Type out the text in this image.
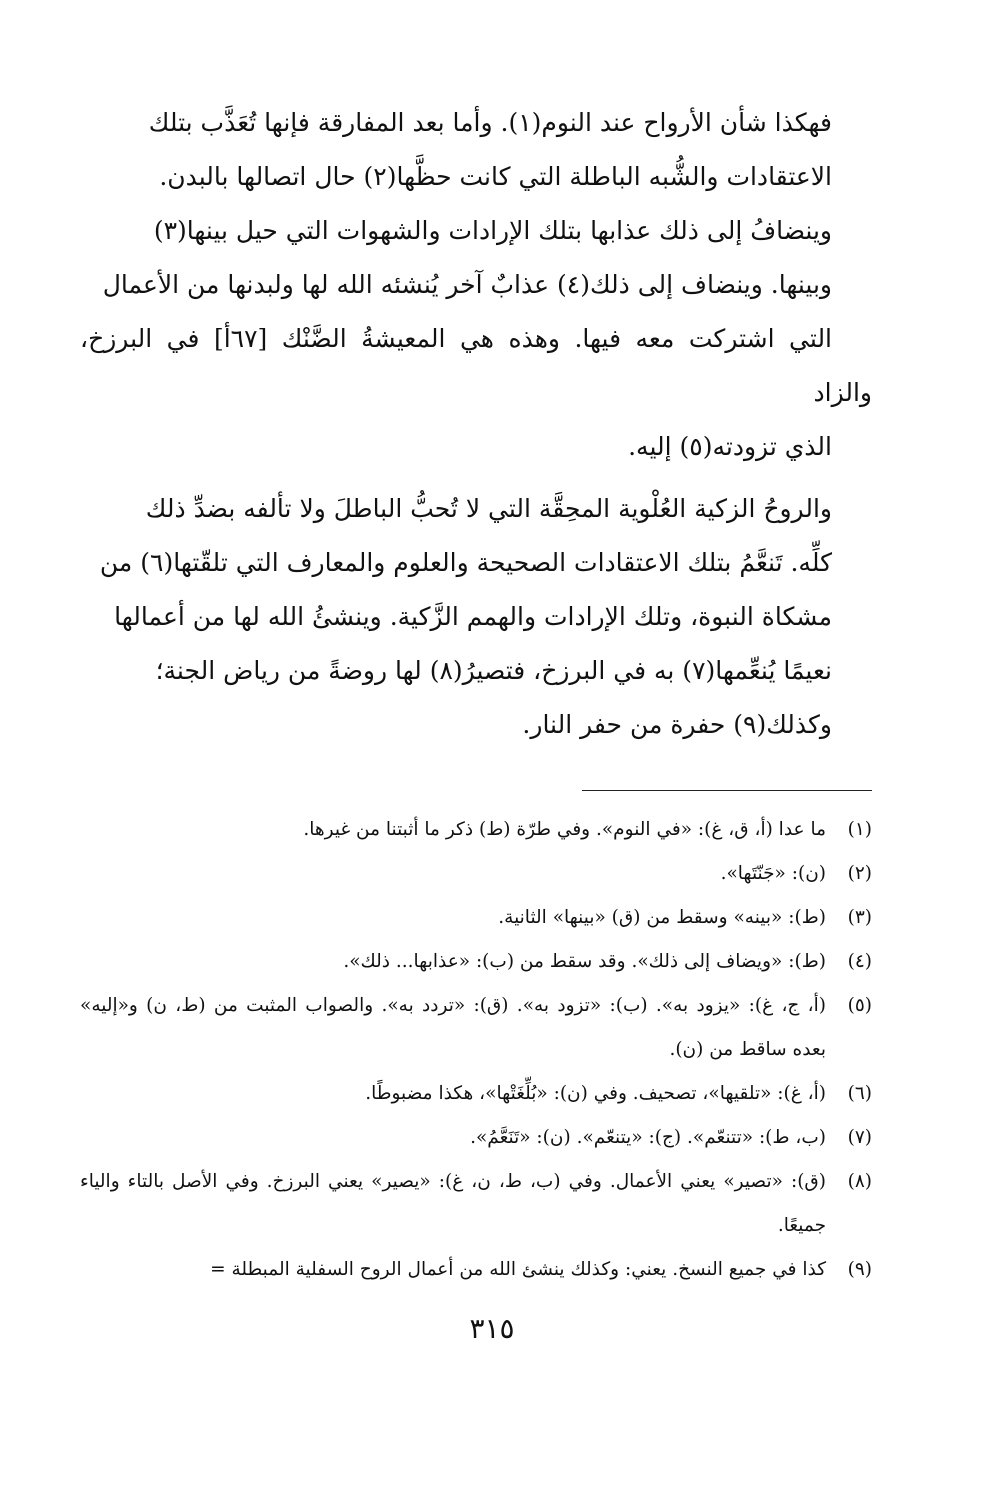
فهكذا شأن الأرواح عند النوم(١). وأما بعد المفارقة فإنها تُعَذَّب بتلك
الاعتقادات والشُّبه الباطلة التي كانت حظَّها(٢) حال اتصالها بالبدن.
وينضافُ إلى ذلك عذابها بتلك الإرادات والشهوات التي حيل بينها(٣)
وبينها. وينضاف إلى ذلك(٤) عذابٌ آخر يُنشئه الله لها ولبدنها من الأعمال
التي اشتركت معه فيها. وهذه هي المعيشةُ الضَّنْك [٦٧أ] في البرزخ، والزاد
الذي تزودته(٥) إليه.

والروحُ الزكية العُلْوية المحِقَّة التي لا تُحبُّ الباطلَ ولا تألفه بضدِّ ذلك
كلِّه. تَنعَّمُ بتلك الاعتقادات الصحيحة والعلوم والمعارف التي تلقّتها(٦) من
مشكاة النبوة، وتلك الإرادات والهمم الزَّكية. وينشئُ الله لها من أعمالها
نعيمًا يُنعِّمها(٧) به في البرزخ، فتصيرُ(٨) لها روضةً من رياض الجنة؛
وكذلك(٩) حفرة من حفر النار.

(١)
ما عدا (أ، ق، غ): «في النوم». وفي طرّة (ط) ذكر ما أثبتنا من غيرها.

(٢)
(ن): «جَنّتَها».

(٣)
(ط): «بينه» وسقط من (ق) «بينها» الثانية.

(٤)
(ط): «ويضاف إلى ذلك». وقد سقط من (ب): «عذابها... ذلك».

(٥)
(أ، ج، غ): «يزود به». (ب): «تزود به». (ق): «تردد به». والصواب المثبت من (ط، ن) و«إليه» بعده ساقط من (ن).

(٦)
(أ، غ): «تلقيها»، تصحيف. وفي (ن): «بُلِّغَتْها»، هكذا مضبوطًا.

(٧)
(ب، ط): «تتنعّم». (ج): «يتنعّم». (ن): «تَنَعَّمُ».

(٨)
(ق): «تصير» يعني الأعمال. وفي (ب، ط، ن، غ): «يصير» يعني البرزخ. وفي الأصل بالتاء والياء جميعًا.

(٩)
كذا في جميع النسخ. يعني: وكذلك ينشئ الله من أعمال الروح السفلية المبطلة =

٣١٥
